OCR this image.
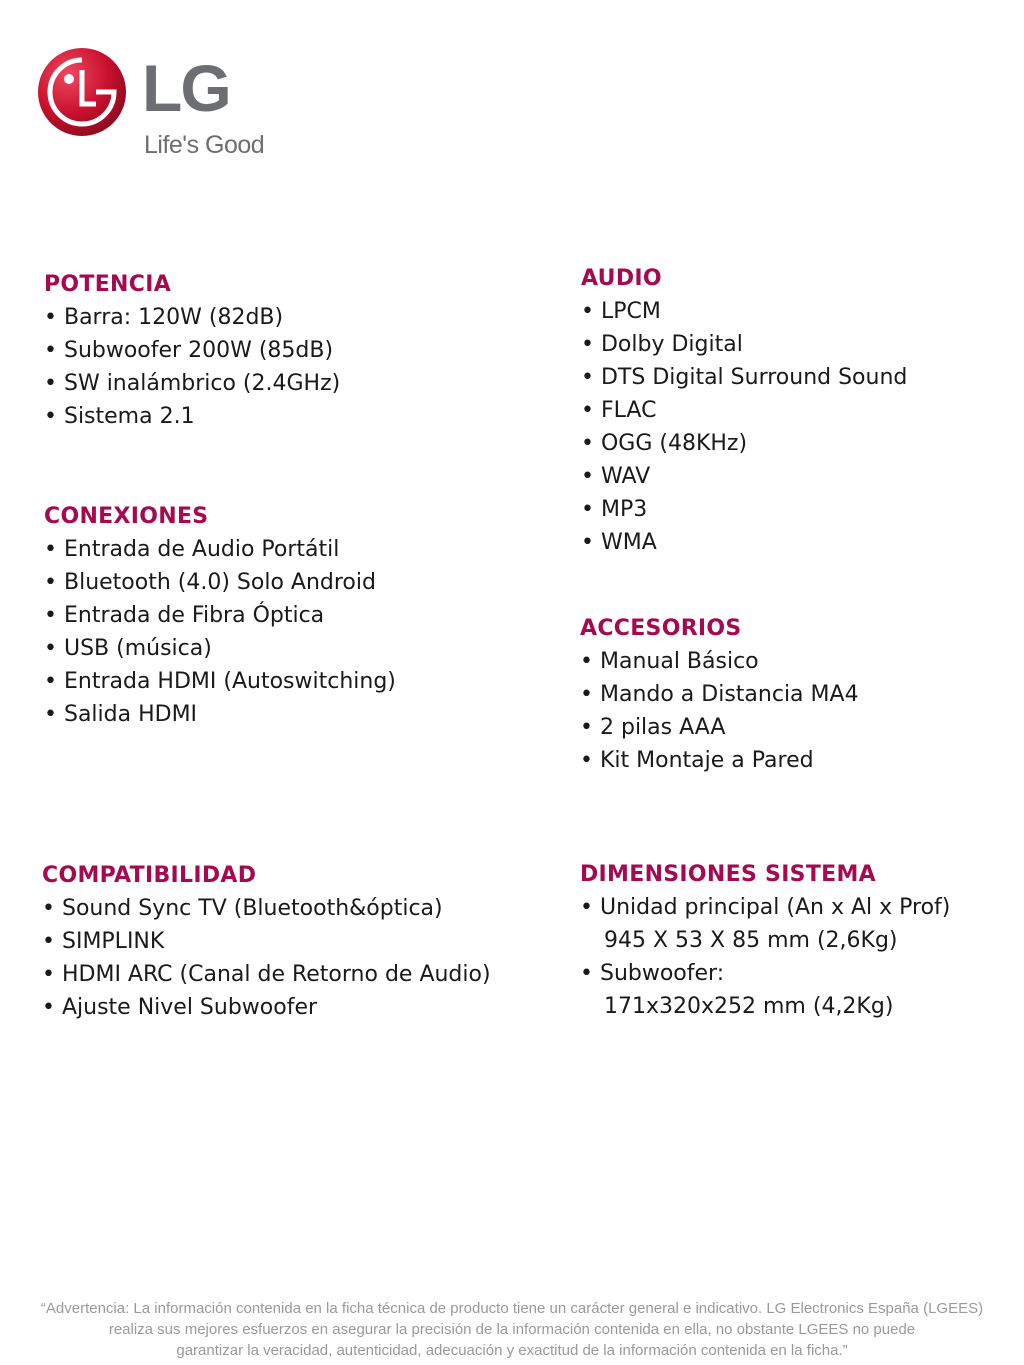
LG
Life's Good
POTENCIA
• Barra: 120W (82dB)
• Subwoofer 200W (85dB)
• SW inalámbrico (2.4GHz)
• Sistema 2.1
CONEXIONES
• Entrada de Audio Portátil
• Bluetooth (4.0) Solo Android
• Entrada de Fibra Óptica
• USB (música)
• Entrada HDMI (Autoswitching)
• Salida HDMI
AUDIO
• LPCM
• Dolby Digital
• DTS Digital Surround Sound
• FLAC
• OGG (48KHz)
• WAV
• MP3
• WMA
ACCESORIOS
• Manual Básico
• Mando a Distancia MA4
• 2 pilas AAA
• Kit Montaje a Pared
COMPATIBILIDAD
• Sound Sync TV (Bluetooth&óptica)
• SIMPLINK
• HDMI ARC (Canal de Retorno de Audio)
• Ajuste Nivel Subwoofer
DIMENSIONES SISTEMA
• Unidad principal (An x Al x Prof)
945 X 53 X 85 mm (2,6Kg)
• Subwoofer:
171x320x252 mm (4,2Kg)
“Advertencia: La información contenida en la ficha técnica de producto tiene un carácter general e indicativo. LG Electronics España (LGEES)
realiza sus mejores esfuerzos en asegurar la precisión de la información contenida en ella, no obstante LGEES no puede
garantizar la veracidad, autenticidad, adecuación y exactitud de la información contenida en la ficha.”
